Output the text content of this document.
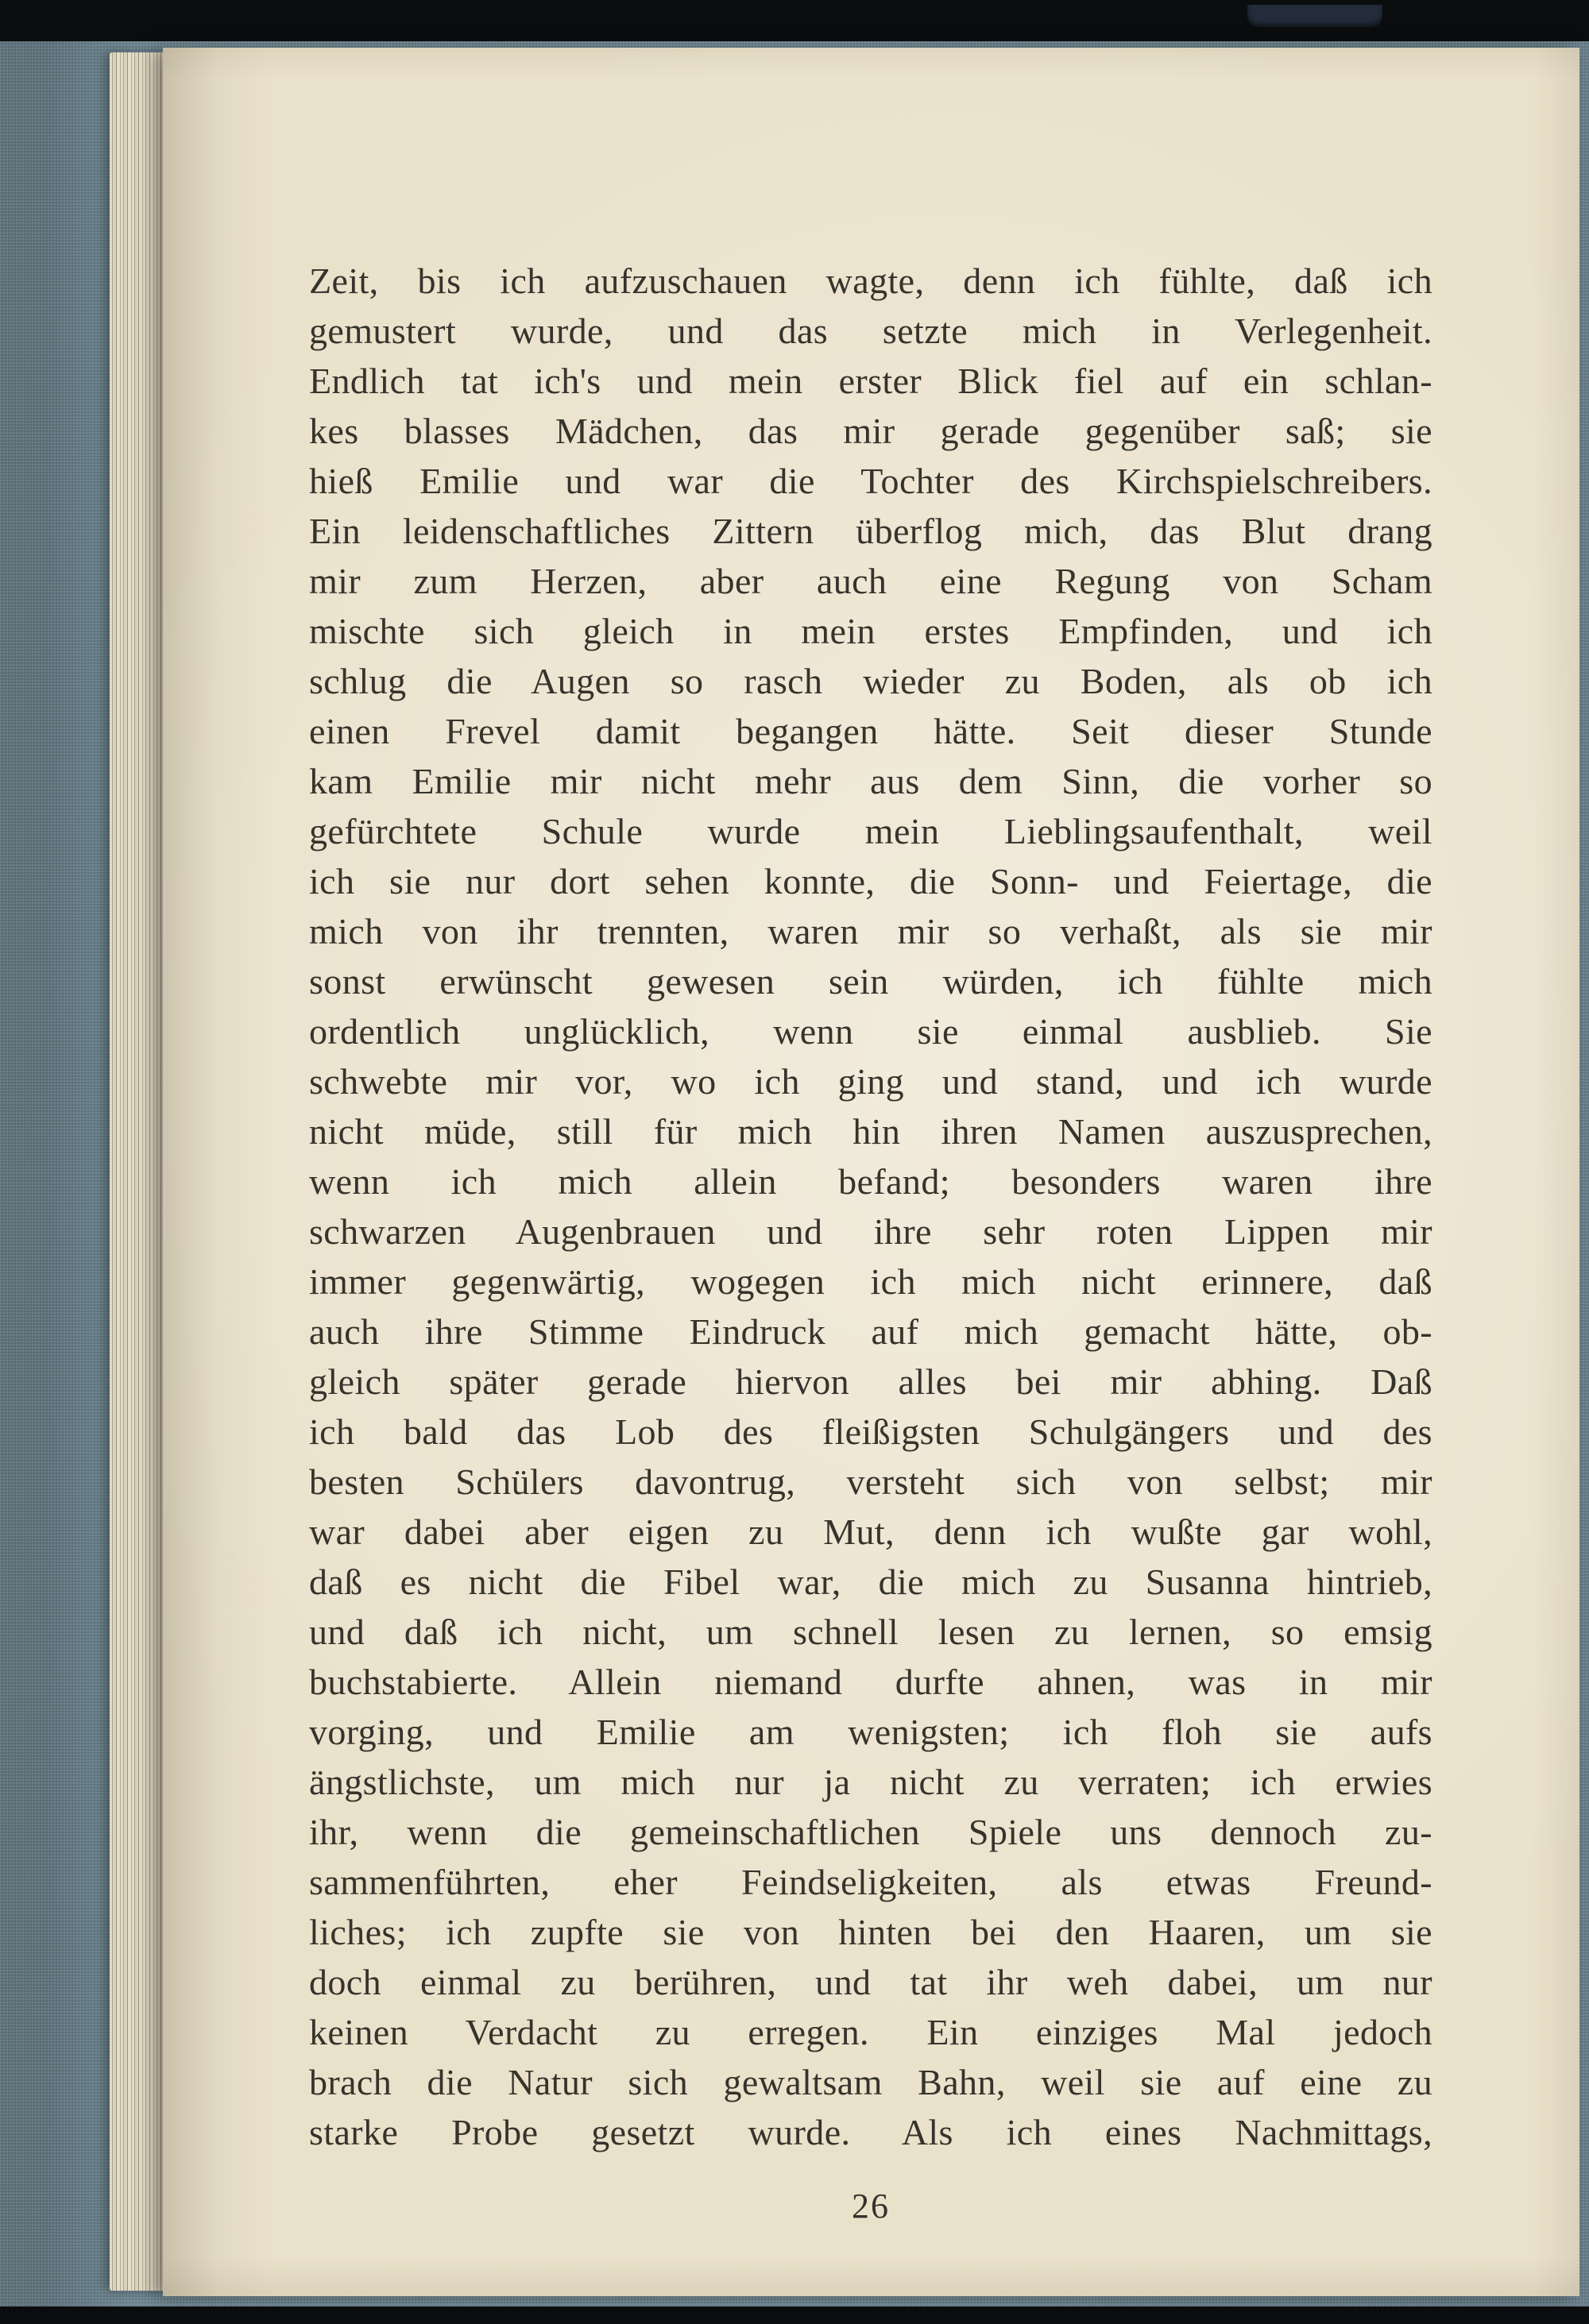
Zeit, bis ich aufzuschauen wagte, denn ich fühlte, daß ich
gemustert wurde, und das setzte mich in Verlegenheit.
Endlich tat ich's und mein erster Blick fiel auf ein schlan-
kes blasses Mädchen, das mir gerade gegenüber saß; sie
hieß Emilie und war die Tochter des Kirchspielschreibers.
Ein leidenschaftliches Zittern überflog mich, das Blut drang
mir zum Herzen, aber auch eine Regung von Scham
mischte sich gleich in mein erstes Empfinden, und ich
schlug die Augen so rasch wieder zu Boden, als ob ich
einen Frevel damit begangen hätte. Seit dieser Stunde
kam Emilie mir nicht mehr aus dem Sinn, die vorher so
gefürchtete Schule wurde mein Lieblingsaufenthalt, weil
ich sie nur dort sehen konnte, die Sonn- und Feiertage, die
mich von ihr trennten, waren mir so verhaßt, als sie mir
sonst erwünscht gewesen sein würden, ich fühlte mich
ordentlich unglücklich, wenn sie einmal ausblieb. Sie
schwebte mir vor, wo ich ging und stand, und ich wurde
nicht müde, still für mich hin ihren Namen auszusprechen,
wenn ich mich allein befand; besonders waren ihre
schwarzen Augenbrauen und ihre sehr roten Lippen mir
immer gegenwärtig, wogegen ich mich nicht erinnere, daß
auch ihre Stimme Eindruck auf mich gemacht hätte, ob-
gleich später gerade hiervon alles bei mir abhing. Daß
ich bald das Lob des fleißigsten Schulgängers und des
besten Schülers davontrug, versteht sich von selbst; mir
war dabei aber eigen zu Mut, denn ich wußte gar wohl,
daß es nicht die Fibel war, die mich zu Susanna hintrieb,
und daß ich nicht, um schnell lesen zu lernen, so emsig
buchstabierte. Allein niemand durfte ahnen, was in mir
vorging, und Emilie am wenigsten; ich floh sie aufs
ängstlichste, um mich nur ja nicht zu verraten; ich erwies
ihr, wenn die gemeinschaftlichen Spiele uns dennoch zu-
sammenführten, eher Feindseligkeiten, als etwas Freund-
liches; ich zupfte sie von hinten bei den Haaren, um sie
doch einmal zu berühren, und tat ihr weh dabei, um nur
keinen Verdacht zu erregen. Ein einziges Mal jedoch
brach die Natur sich gewaltsam Bahn, weil sie auf eine zu
starke Probe gesetzt wurde. Als ich eines Nachmittags,
26
